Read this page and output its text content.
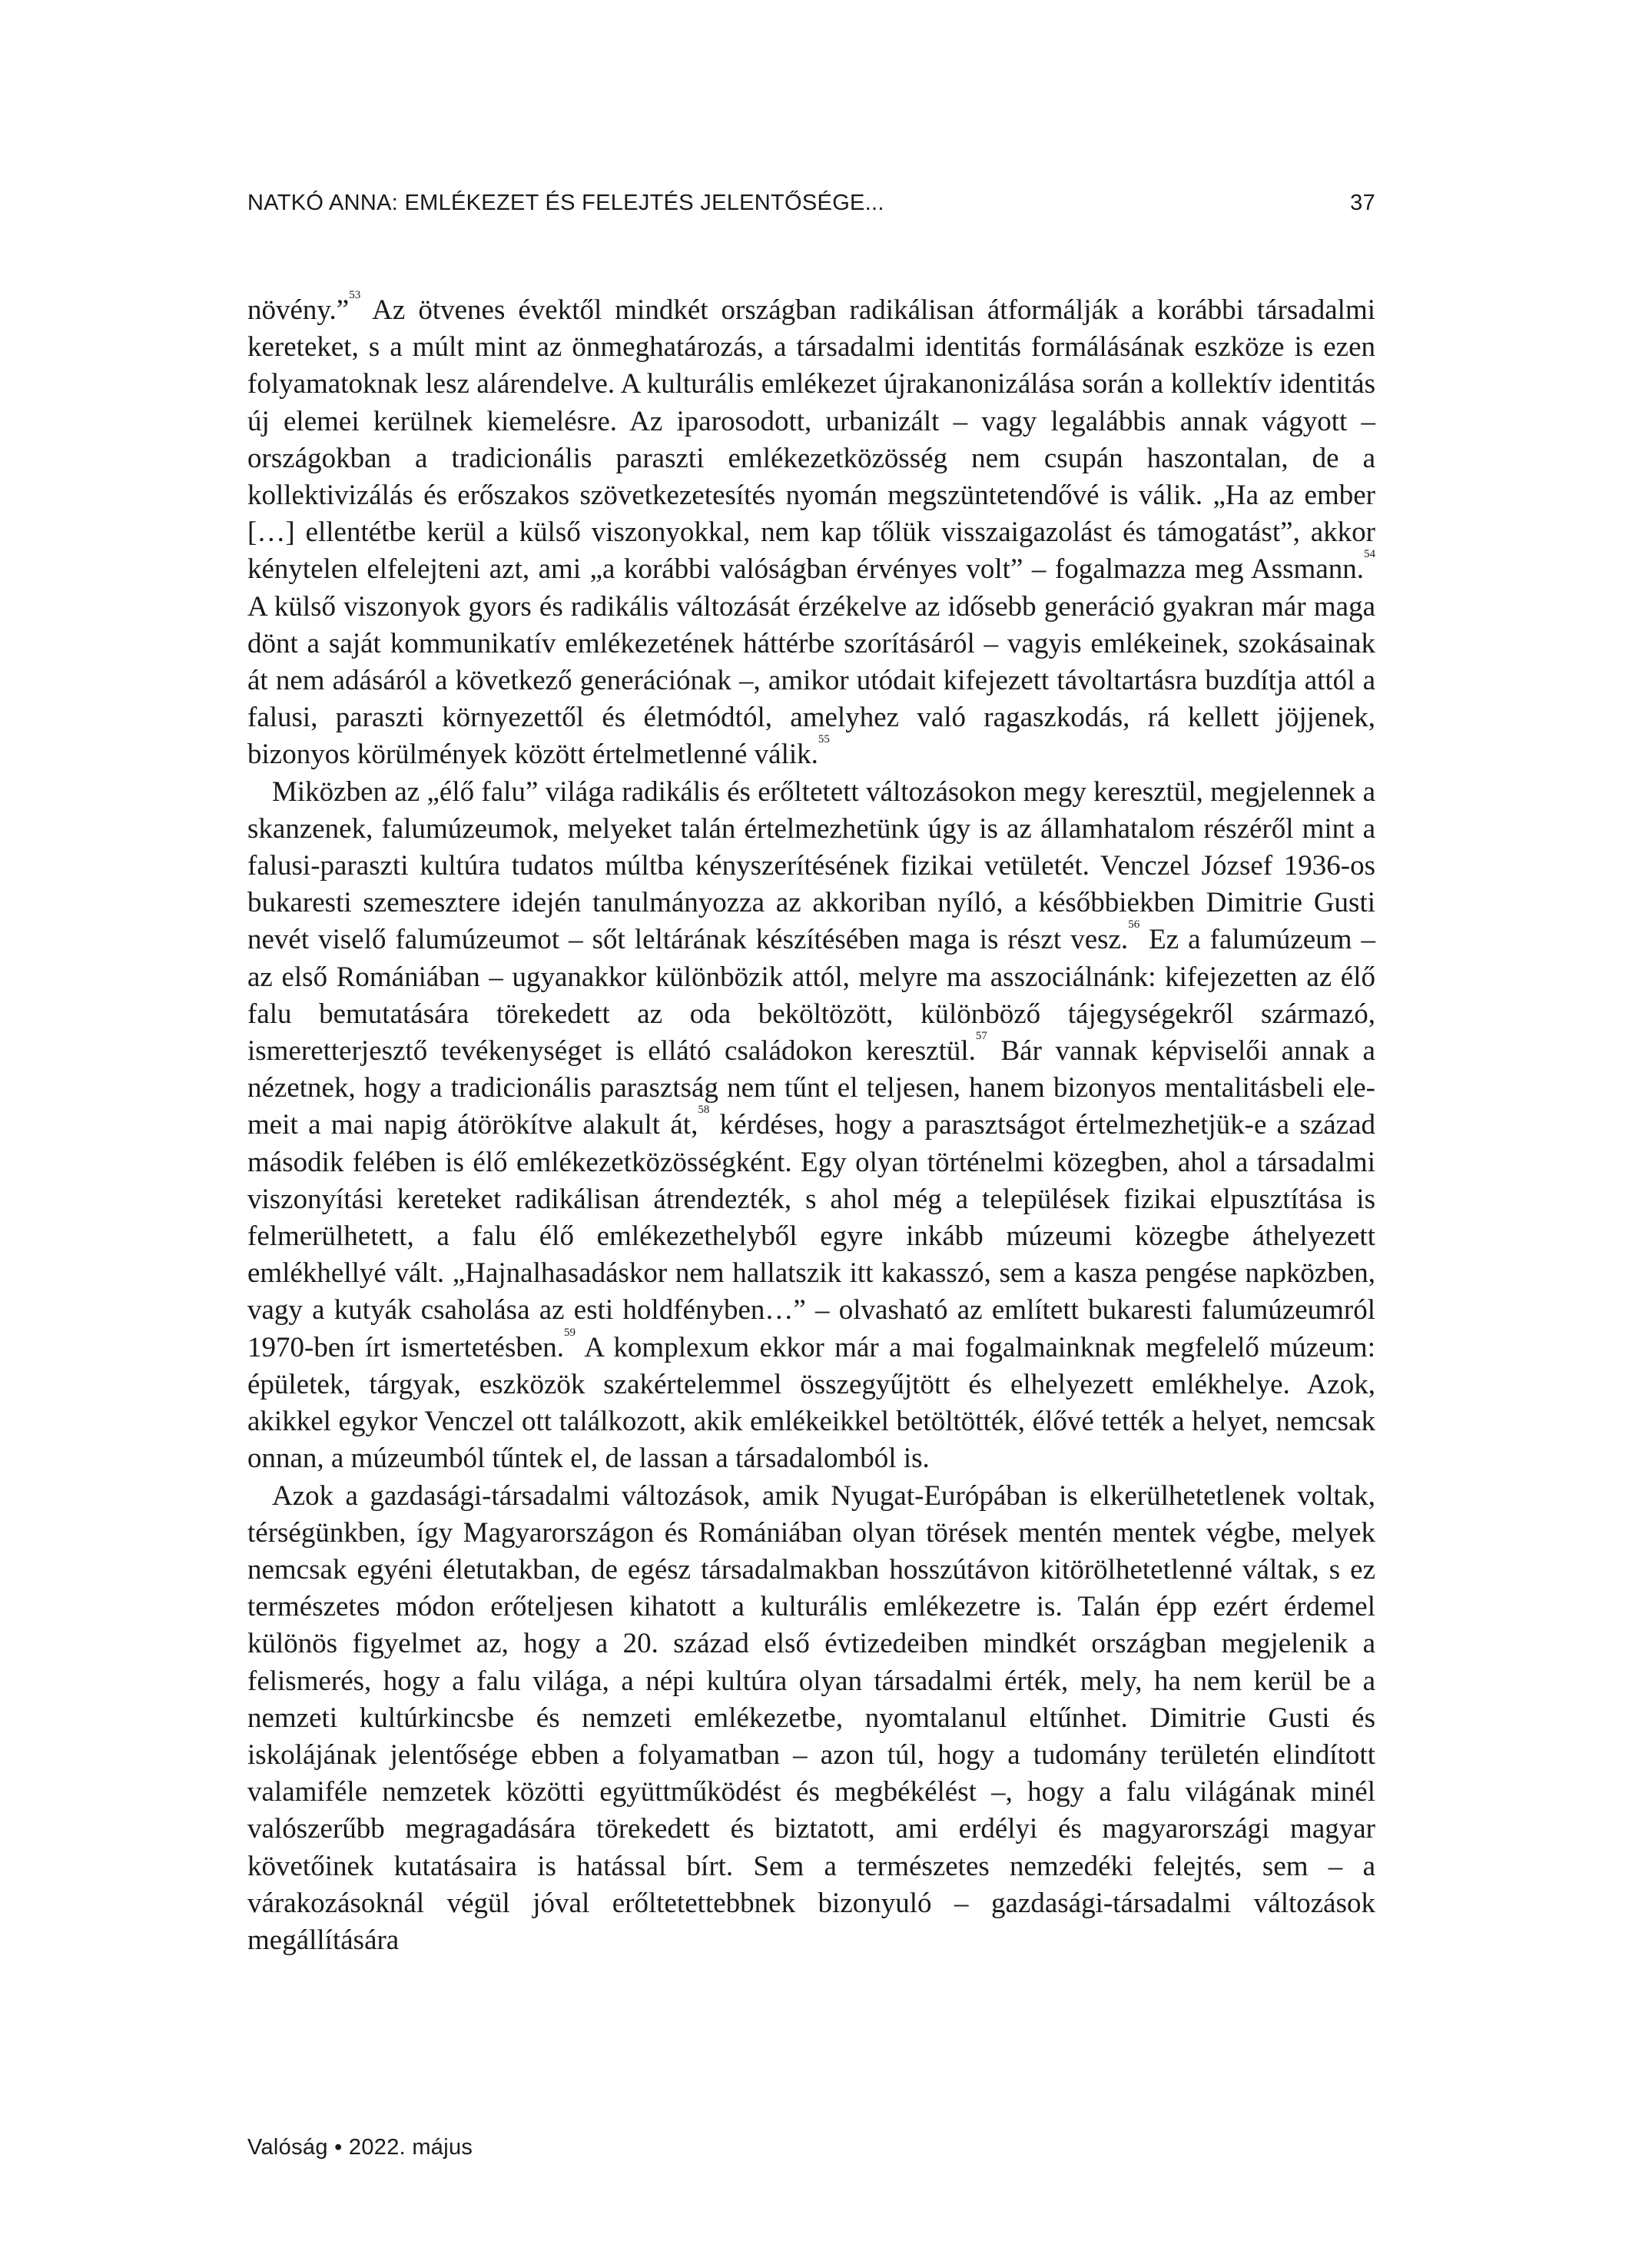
NATKÓ ANNA: EMLÉKEZET ÉS FELEJTÉS JELENTŐSÉGE...	37

növény.”$^{53}$ Az ötvenes évektől mindkét országban radikálisan átformálják a korábbi társadalmi kereteket, s a múlt mint az önmeghatározás, a társadalmi identitás formálásának eszköze is ezen folyamatoknak lesz alárendelve. A kulturális emlékezet újrakanonizálása során a kollektív identitás új elemei kerülnek kiemelésre. Az iparosodott, urbanizált – vagy legalábbis annak vágyott – országokban a tradicionális paraszti emlékezetközösség nem csupán haszontalan, de a kollektivizálás és erőszakos szövetkezetesítés nyomán megszüntetendővé is válik. „Ha az ember […] ellentétbe kerül a külső viszonyokkal, nem kap tőlük visszaigazolást és támogatást”, akkor kénytelen elfelejteni azt, ami „a korábbi valóságban érvényes volt” – fogalmazza meg Assmann.$^{54}$ A külső viszonyok gyors és radikális változását érzékelve az idősebb generáció gyakran már maga dönt a saját kommunikatív emlékezetének háttérbe szorításáról – vagyis emlékeinek, szokásainak át nem adásáról a következő generációnak –, amikor utódait kifejezett távoltartásra buzdítja attól a falusi, paraszti környezettől és életmódtól, amelyhez való ragaszkodás, rá kellett jöjjenek, bizonyos körülmények között értelmetlenné válik.$^{55}$

Miközben az „élő falu” világa radikális és erőltetett változásokon megy keresztül, megjelennek a skanzenek, falumúzeumok, melyeket talán értelmezhetünk úgy is az államhatalom részéről mint a falusi-paraszti kultúra tudatos múltba kényszerítésének fizikai vetületét. Venczel József 1936-os bukaresti szemesztere idején tanulmányozza az akkoriban nyíló, a későbbiekben Dimitrie Gusti nevét viselő falumúzeumot – sőt leltárának készítésében maga is részt vesz.$^{56}$ Ez a falumúzeum – az első Romániában – ugyanakkor különbözik attól, melyre ma asszociálnánk: kifejezetten az élő falu bemutatására törekedett az oda beköltözött, különböző tájegységekről származó, ismeretterjesztő tevékenységet is ellátó családokon keresztül.$^{57}$ Bár vannak képviselői annak a nézetnek, hogy a tradicionális parasztság nem tűnt el teljesen, hanem bizonyos mentalitásbeli elemeit a mai napig átörökítve alakult át,$^{58}$ kérdéses, hogy a parasztságot értelmezhetjük-e a század második felében is élő emlékezetközösségként. Egy olyan történelmi közegben, ahol a társadalmi viszonyítási kereteket radikálisan átrendezték, s ahol még a települések fizikai elpusztítása is felmerülhetett, a falu élő emlékezethelyből egyre inkább múzeumi közegbe áthelyezett emlékhellyé vált. „Hajnalhasadáskor nem hallatszik itt kakasszó, sem a kasza pengése napközben, vagy a kutyák csaholása az esti holdfényben…” – olvasható az említett bukaresti falumúzeumról 1970-ben írt ismertetésben.$^{59}$ A komplexum ekkor már a mai fogalmainknak megfelelő múzeum: épületek, tárgyak, eszközök szakértelemmel összegyűjtött és elhelyezett emlékhelye. Azok, akikkel egykor Venczel ott találkozott, akik emlékeikkel betöltötték, élővé tették a helyet, nemcsak onnan, a múzeumból tűntek el, de lassan a társadalomból is.

Azok a gazdasági-társadalmi változások, amik Nyugat-Európában is elkerülhetetlenek voltak, térségünkben, így Magyarországon és Romániában olyan törések mentén mentek végbe, melyek nemcsak egyéni életutakban, de egész társadalmakban hosszútávon kitörölhetetlenné váltak, s ez természetes módon erőteljesen kihatott a kulturális emlékezetre is. Talán épp ezért érdemel különös figyelmet az, hogy a 20. század első évtizedeiben mindkét országban megjelenik a felismerés, hogy a falu világa, a népi kultúra olyan társadalmi érték, mely, ha nem kerül be a nemzeti kultúrkincsbe és nemzeti emlékezetbe, nyomtalanul eltűnhet. Dimitrie Gusti és iskolájának jelentősége ebben a folyamatban – azon túl, hogy a tudomány területén elindított valamiféle nemzetek közötti együttműködést és megbékélést –, hogy a falu világának minél valószerűbb megragadására törekedett és biztatott, ami erdélyi és magyarországi magyar követőinek kutatásaira is hatással bírt. Sem a természetes nemzedéki felejtés, sem – a várakozásoknál végül jóval erőltetettebbnek bizonyuló – gazdasági-társadalmi változások megállítására

Valóság • 2022. május
